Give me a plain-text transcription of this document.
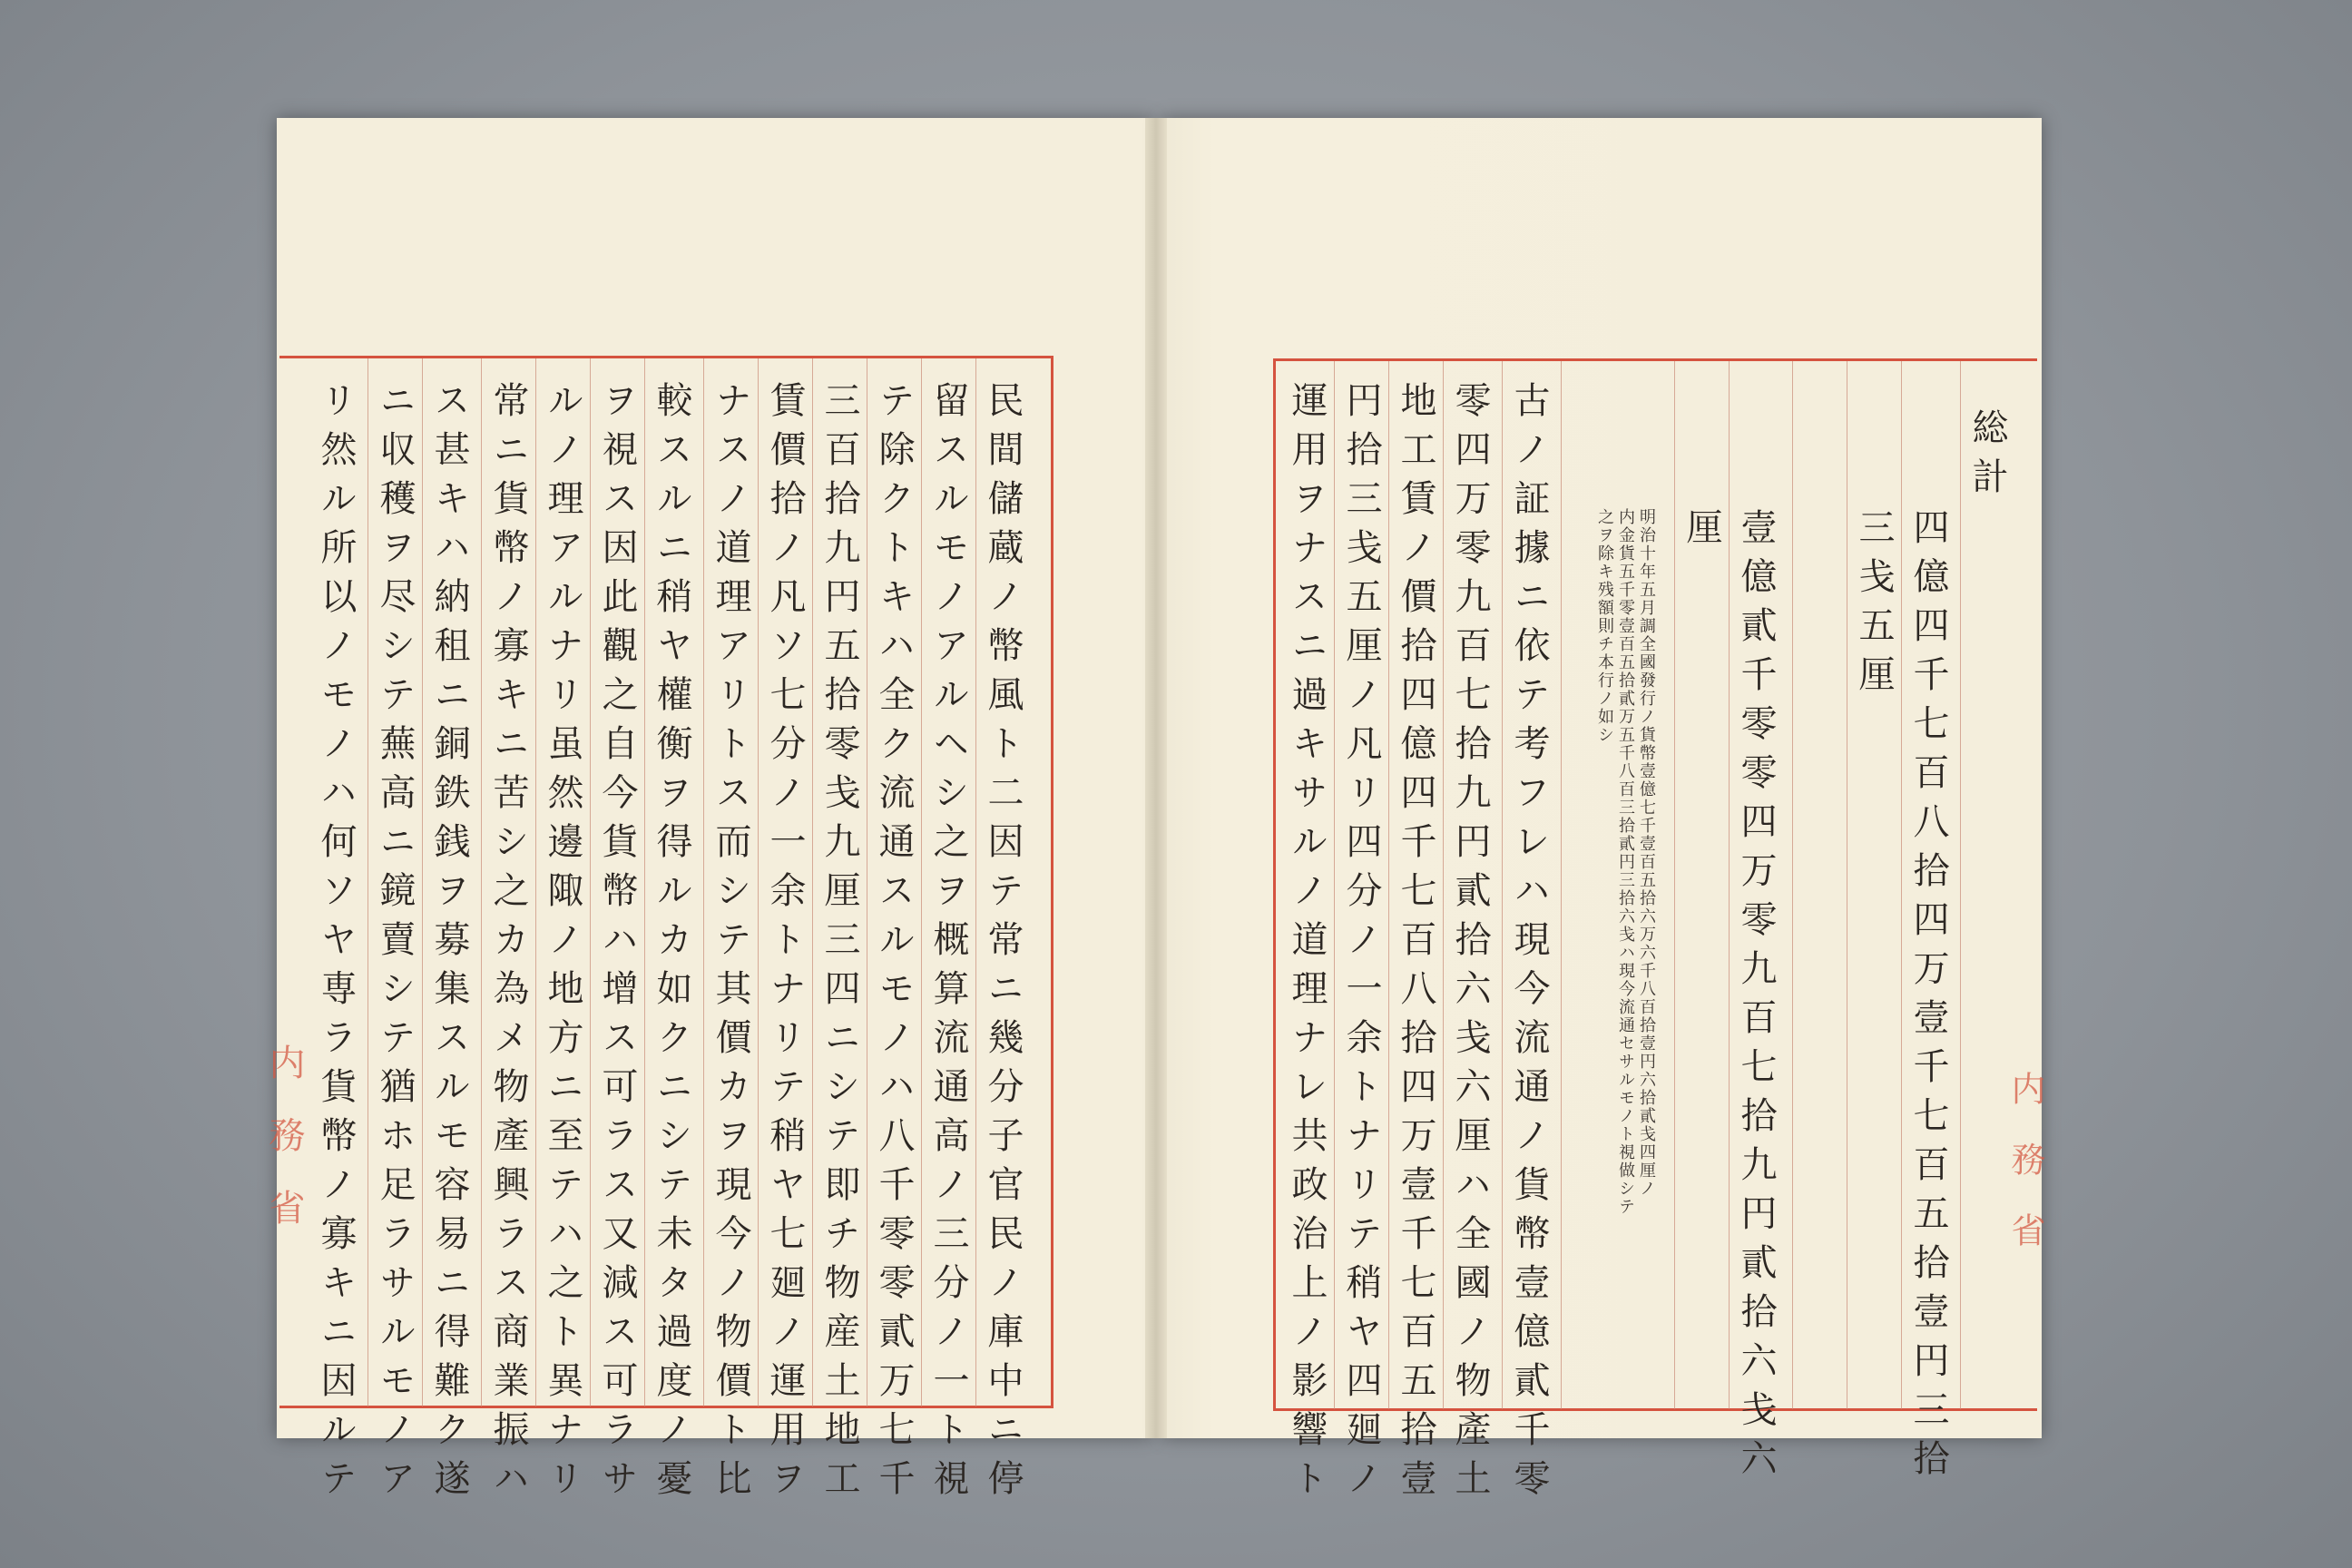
内務省	内務省
民間儲蔵ノ幣風ト二因テ常ニ幾分子官民ノ庫中ニ停
留スルモノアルヘシ之ヲ概算流通高ノ三分ノ一ト視
テ除クトキハ全ク流通スルモノハ八千零零貳万七千
三百拾九円五拾零戋九厘三四ニシテ即チ物産土地工
賃價拾ノ凡ソ七分ノ一余トナリテ稍ヤ七廻ノ運用ヲ
ナスノ道理アリトス而シテ其價カヲ現今ノ物價ト比
較スルニ稍ヤ權衡ヲ得ルカ如クニシテ未タ過度ノ憂
ヲ視ス因此觀之自今貨幣ハ增ス可ラス又減ス可ラサ
ルノ理アルナリ虽然邊陬ノ地方ニ至テハ之ト異ナリ
常ニ貨幣ノ寡キニ苦シ之カ為メ物產興ラス商業振ハ
ス甚キハ納租ニ銅鉄銭ヲ募集スルモ容易ニ得難ク遂
ニ収穫ヲ尽シテ蕪高ニ鏡賣シテ猶ホ足ラサルモノア
リ然ル所以ノモノハ何ソヤ専ラ貨幣ノ寡キニ因ルテ	総計
四億四千七百八拾四万壹千七百五拾壹円三拾
三戋五厘
壹億貳千零零四万零九百七拾九円貳拾六戋六
厘
古ノ証據ニ依テ考フレハ現今流通ノ貨幣壹億貳千零
零四万零九百七拾九円貳拾六戋六厘ハ全國ノ物產土
地工賃ノ價拾四億四千七百八拾四万壹千七百五拾壹
円拾三戋五厘ノ凡リ四分ノ一余トナリテ稍ヤ四廻ノ
運用ヲナスニ過キサルノ道理ナレ共政治上ノ影響ト	明治十年五月調全國發行ノ貨幣壹億七千壹百五拾六万六千八百拾壹円六拾貳戋四厘ノ
内金貨五千零壹百五拾貳万五千八百三拾貳円三拾六戋ハ現今流通セサルモノト視做シテ
之ヲ除キ残額則チ本行ノ如シ
